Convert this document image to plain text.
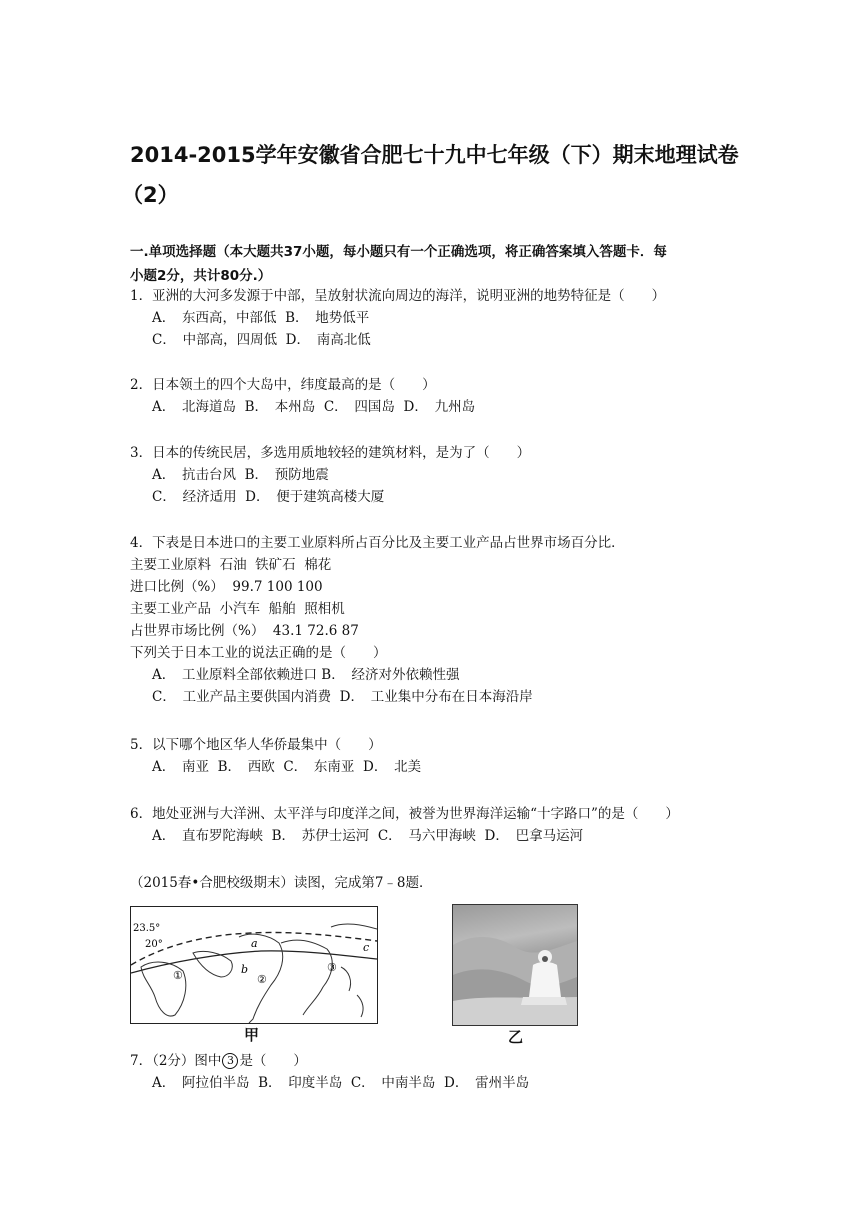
2014-2015学年安徽省合肥七十九中七年级（下）期末地理试卷
（2）
一.单项选择题（本大题共37小题，每小题只有一个正确选项，将正确答案填入答题卡．每
小题2分，共计80分.）
1．亚洲的大河多发源于中部，呈放射状流向周边的海洋，说明亚洲的地势特征是（　　）
A．　东西高，中部低  B．　地势低平
C．　中部高，四周低  D．　南高北低
2．日本领土的四个大岛中，纬度最高的是（　　）
A．　北海道岛  B．　本州岛  C．　四国岛  D．　九州岛
3．日本的传统民居，多选用质地较轻的建筑材料，是为了（　　）
A．　抗击台风  B．　预防地震
C．　经济适用  D．　便于建筑高楼大厦
4．下表是日本进口的主要工业原料所占百分比及主要工业产品占世界市场百分比．
主要工业原料  石油  铁矿石  棉花
进口比例（%）  99.7 100 100
主要工业产品  小汽车  船舶  照相机
占世界市场比例（%）  43.1 72.6 87
下列关于日本工业的说法正确的是（　　）
A．　工业原料全部依赖进口 B．　经济对外依赖性强
C．　工业产品主要供国内消费  D．　工业集中分布在日本海沿岸
5．以下哪个地区华人华侨最集中（　　）
A．　南亚  B．　西欧  C．　东南亚  D．　北美
6．地处亚洲与大洋洲、太平洋与印度洋之间，被誉为世界海洋运输“十字路口”的是（　　）
A．　直布罗陀海峡  B．　苏伊士运河  C．　马六甲海峡  D．　巴拿马运河
（2015春•合肥校级期末）读图，完成第7﹣8题．
23.5°
20°
①	②
③
a
b
c
甲	乙
7．（2分）图中 3 是（　　）
A．　阿拉伯半岛  B．　印度半岛  C．　中南半岛  D．　雷州半岛
